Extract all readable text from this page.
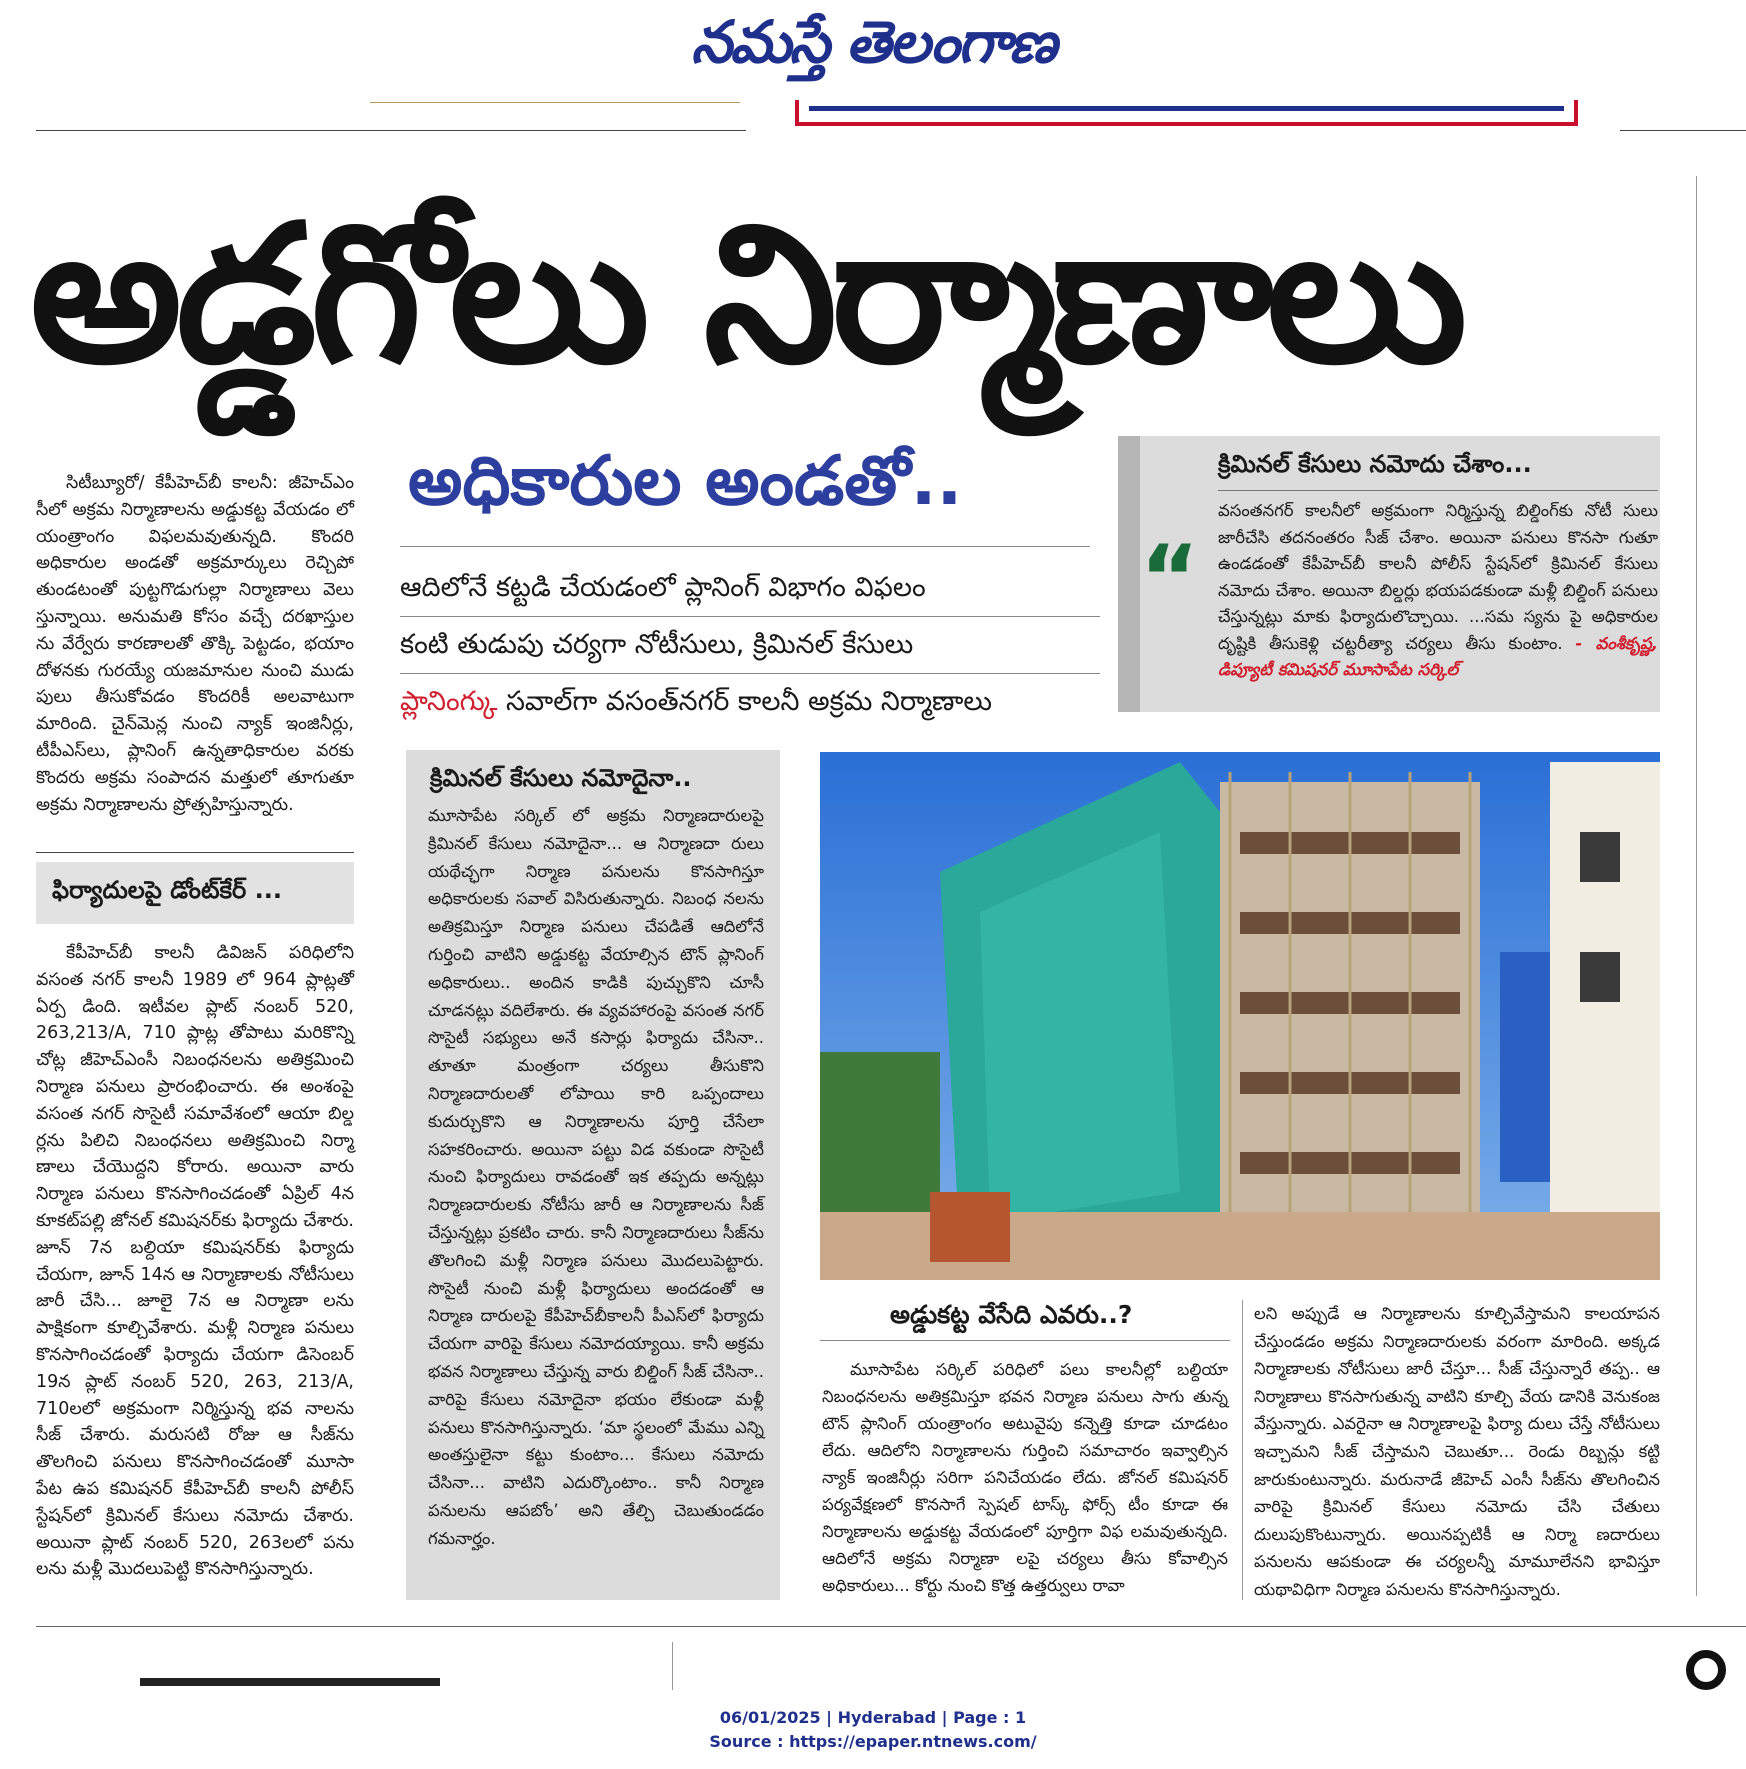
నమస్తే తెలంగాణ
అడ్డగోలు నిర్మాణాలు
అధికారుల అండతో..
ఆదిలోనే కట్టడి చేయడంలో ప్లానింగ్ విభాగం విఫలం
కంటి తుడుపు చర్యగా నోటీసులు, క్రిమినల్ కేసులు
ప్లానింగ్కు సవాల్‌గా వసంత్‌నగర్ కాలనీ అక్రమ నిర్మాణాలు
క్రిమినల్ కేసులు నమోదు చేశాం...
“
వసంతనగర్ కాలనీలో అక్రమంగా నిర్మిస్తున్న బిల్డింగ్‌కు నోటీ సులు జారీచేసి తదనంతరం సీజ్ చేశాం. అయినా పనులు కొనసా గుతూ ఉండడంతో కేపీహెచ్‌బీ కాలనీ పోలీస్ స్టేషన్‌లో క్రిమినల్ కేసులు నమోదు చేశాం. అయినా బిల్డర్లు భయపడకుండా మళ్లీ బిల్డింగ్ పనులు చేస్తున్నట్లు మాకు ఫిర్యాదులొచ్చాయి. ...సమ స్యను పై అధికారుల దృష్టికి తీసుకెళ్లి చట్టరీత్యా చర్యలు తీసు కుంటాం. - వంశీకృష్ణ, డిప్యూటీ కమిషనర్ మూసాపేట సర్కిల్
సిటీబ్యూరో/ కేపీహెచ్‌బీ కాలనీ: జీహెచ్‌ఎం సీలో అక్రమ నిర్మాణాలను అడ్డుకట్ట వేయడం లో యంత్రాంగం విఫలమవుతున్నది. కొందరి అధికారుల అండతో అక్రమార్కులు రెచ్చిపో తుండటంతో పుట్టగొడుగుల్లా నిర్మాణాలు వెలు స్తున్నాయి. అనుమతి కోసం వచ్చే దరఖాస్తుల ను వేర్వేరు కారణాలతో తొక్కి పెట్టడం, భయాం దోళనకు గురయ్యే యజమానుల నుంచి ముడు పులు తీసుకోవడం కొందరికీ అలవాటుగా మారింది. చైన్‌మెన్ల నుంచి న్యాక్ ఇంజినీర్లు, టీపీఎస్‌లు, ప్లానింగ్ ఉన్నతాధికారుల వరకు కొందరు అక్రమ సంపాదన మత్తులో తూగుతూ అక్రమ నిర్మాణాలను ప్రోత్సహిస్తున్నారు.
ఫిర్యాదులపై డోంట్‌కేర్ ...
కేపీహెచ్‌బీ కాలనీ డివిజన్ పరిధిలోని వసంత నగర్ కాలనీ 1989 లో 964 ప్లాట్లతో ఏర్ప డింది. ఇటీవల ప్లాట్ నంబర్ 520, 263,213/A, 710 ప్లాట్ల తోపాటు మరికొన్ని చోట్ల జీహెచ్‌ఎంసీ నిబంధనలను అతిక్రమించి నిర్మాణ పనులు ప్రారంభించారు. ఈ అంశంపై వసంత నగర్ సొసైటీ సమావేశంలో ఆయా బిల్డ ర్లను పిలిచి నిబంధనలు అతిక్రమించి నిర్మా ణాలు చేయొద్దని కోరారు. అయినా వారు నిర్మాణ పనులు కొనసాగించడంతో ఏప్రిల్ 4న కూకట్‌పల్లి జోనల్ కమిషనర్‌కు ఫిర్యాదు చేశారు. జూన్ 7న బల్దియా కమిషనర్‌కు ఫిర్యాదు చేయగా, జూన్ 14న ఆ నిర్మాణాలకు నోటీసులు జారీ చేసి... జూలై 7న ఆ నిర్మాణా లను పాక్షికంగా కూల్చివేశారు. మళ్లీ నిర్మాణ పనులు కొనసాగించడంతో ఫిర్యాదు చేయగా డిసెంబర్ 19న ప్లాట్ నంబర్ 520, 263, 213/A, 710లలో అక్రమంగా నిర్మిస్తున్న భవ నాలను సీజ్ చేశారు. మరుసటి రోజు ఆ సీజ్‌ను తొలగించి పనులు కొనసాగించడంతో మూసా పేట ఉప కమిషనర్ కేపీహెచ్‌బీ కాలనీ పోలీస్ స్టేషన్‌లో క్రిమినల్ కేసులు నమోదు చేశారు. అయినా ప్లాట్ నంబర్ 520, 263లలో పను లను మళ్లీ మొదలుపెట్టి కొనసాగిస్తున్నారు.
క్రిమినల్ కేసులు నమోదైనా..
మూసాపేట సర్కిల్ లో అక్రమ నిర్మాణదారులపై క్రిమినల్ కేసులు నమోదైనా... ఆ నిర్మాణదా రులు యథేచ్ఛగా నిర్మాణ పనులను కొనసాగిస్తూ అధికారులకు సవాల్ విసిరుతున్నారు. నిబంధ నలను అతిక్రమిస్తూ నిర్మాణ పనులు చేపడితే ఆదిలోనే గుర్తించి వాటిని అడ్డుకట్ట వేయాల్సిన టౌన్ ప్లానింగ్ అధికారులు.. అందిన కాడికి పుచ్చుకొని చూసీ చూడనట్లు వదిలేశారు. ఈ వ్యవహారంపై వసంత నగర్ సొసైటీ సభ్యులు అనే కసార్లు ఫిర్యాదు చేసినా.. తూతూ మంత్రంగా చర్యలు తీసుకొని నిర్మాణదారులతో లోపాయి కారి ఒప్పందాలు కుదుర్చుకొని ఆ నిర్మాణాలను పూర్తి చేసేలా సహకరించారు. అయినా పట్టు విడ వకుండా సొసైటీ నుంచి ఫిర్యాదులు రావడంతో ఇక తప్పదు అన్నట్లు నిర్మాణదారులకు నోటీసు జారీ ఆ నిర్మాణాలను సీజ్ చేస్తున్నట్లు ప్రకటిం చారు. కానీ నిర్మాణదారులు సీజ్‌ను తొలగించి మళ్లీ నిర్మాణ పనులు మొదలుపెట్టారు. సొసైటీ నుంచి మళ్లీ ఫిర్యాదులు అందడంతో ఆ నిర్మాణ దారులపై కేపీహెచ్‌బీకాలనీ పీఎస్‌లో ఫిర్యాదు చేయగా వారిపై కేసులు నమోదయ్యాయి. కానీ అక్రమ భవన నిర్మాణాలు చేస్తున్న వారు బిల్డింగ్ సీజ్ చేసినా.. వారిపై కేసులు నమోదైనా భయం లేకుండా మళ్లీ పనులు కొనసాగిస్తున్నారు. ‘మా స్థలంలో మేము ఎన్ని అంతస్తులైనా కట్టు కుంటాం... కేసులు నమోదు చేసినా... వాటిని ఎదుర్కొంటాం.. కానీ నిర్మాణ పనులను ఆపబోం’ అని తేల్చి చెబుతుండడం గమనార్హం.
అడ్డుకట్ట వేసేది ఎవరు..?
మూసాపేట సర్కిల్ పరిధిలో పలు కాలనీల్లో బల్దియా నిబంధనలను అతిక్రమిస్తూ భవన నిర్మాణ పనులు సాగు తున్న టౌన్ ప్లానింగ్ యంత్రాంగం అటువైపు కన్నెత్తి కూడా చూడటం లేదు. ఆదిలోని నిర్మాణాలను గుర్తించి సమాచారం ఇవ్వాల్సిన న్యాక్ ఇంజినీర్లు సరిగా పనిచేయడం లేదు. జోనల్ కమిషనర్ పర్యవేక్షణలో కొనసాగే స్పెషల్ టాస్క్ ఫోర్స్ టీం కూడా ఈ నిర్మాణాలను అడ్డుకట్ట వేయడంలో పూర్తిగా విఫ లమవుతున్నది. ఆదిలోనే అక్రమ నిర్మాణా లపై చర్యలు తీసు కోవాల్సిన అధికారులు... కోర్టు నుంచి కొత్త ఉత్తర్వులు రావా
లని అప్పుడే ఆ నిర్మాణాలను కూల్చివేస్తామని కాలయాపన చేస్తుండడం అక్రమ నిర్మాణదారులకు వరంగా మారింది. అక్కడ నిర్మాణాలకు నోటీసులు జారీ చేస్తూ... సీజ్ చేస్తున్నారే తప్ప.. ఆ నిర్మాణాలు కొనసాగుతున్న వాటిని కూల్చి వేయ డానికి వెనుకంజ వేస్తున్నారు. ఎవరైనా ఆ నిర్మాణాలపై ఫిర్యా దులు చేస్తే నోటీసులు ఇచ్చామని సీజ్ చేస్తామని చెబుతూ... రెండు రిబ్బన్లు కట్టి జారుకుంటున్నారు. మరునాడే జీహెచ్ ఎంసీ సీజ్‌ను తొలగించిన వారిపై క్రిమినల్ కేసులు నమోదు చేసి చేతులు దులుపుకొంటున్నారు. అయినప్పటికీ ఆ నిర్మా ణదారులు పనులను ఆపకుండా ఈ చర్యలన్నీ మామూలేనని భావిస్తూ యథావిధిగా నిర్మాణ పనులను కొనసాగిస్తున్నారు.
06/01/2025 | Hyderabad | Page : 1
Source : https://epaper.ntnews.com/
